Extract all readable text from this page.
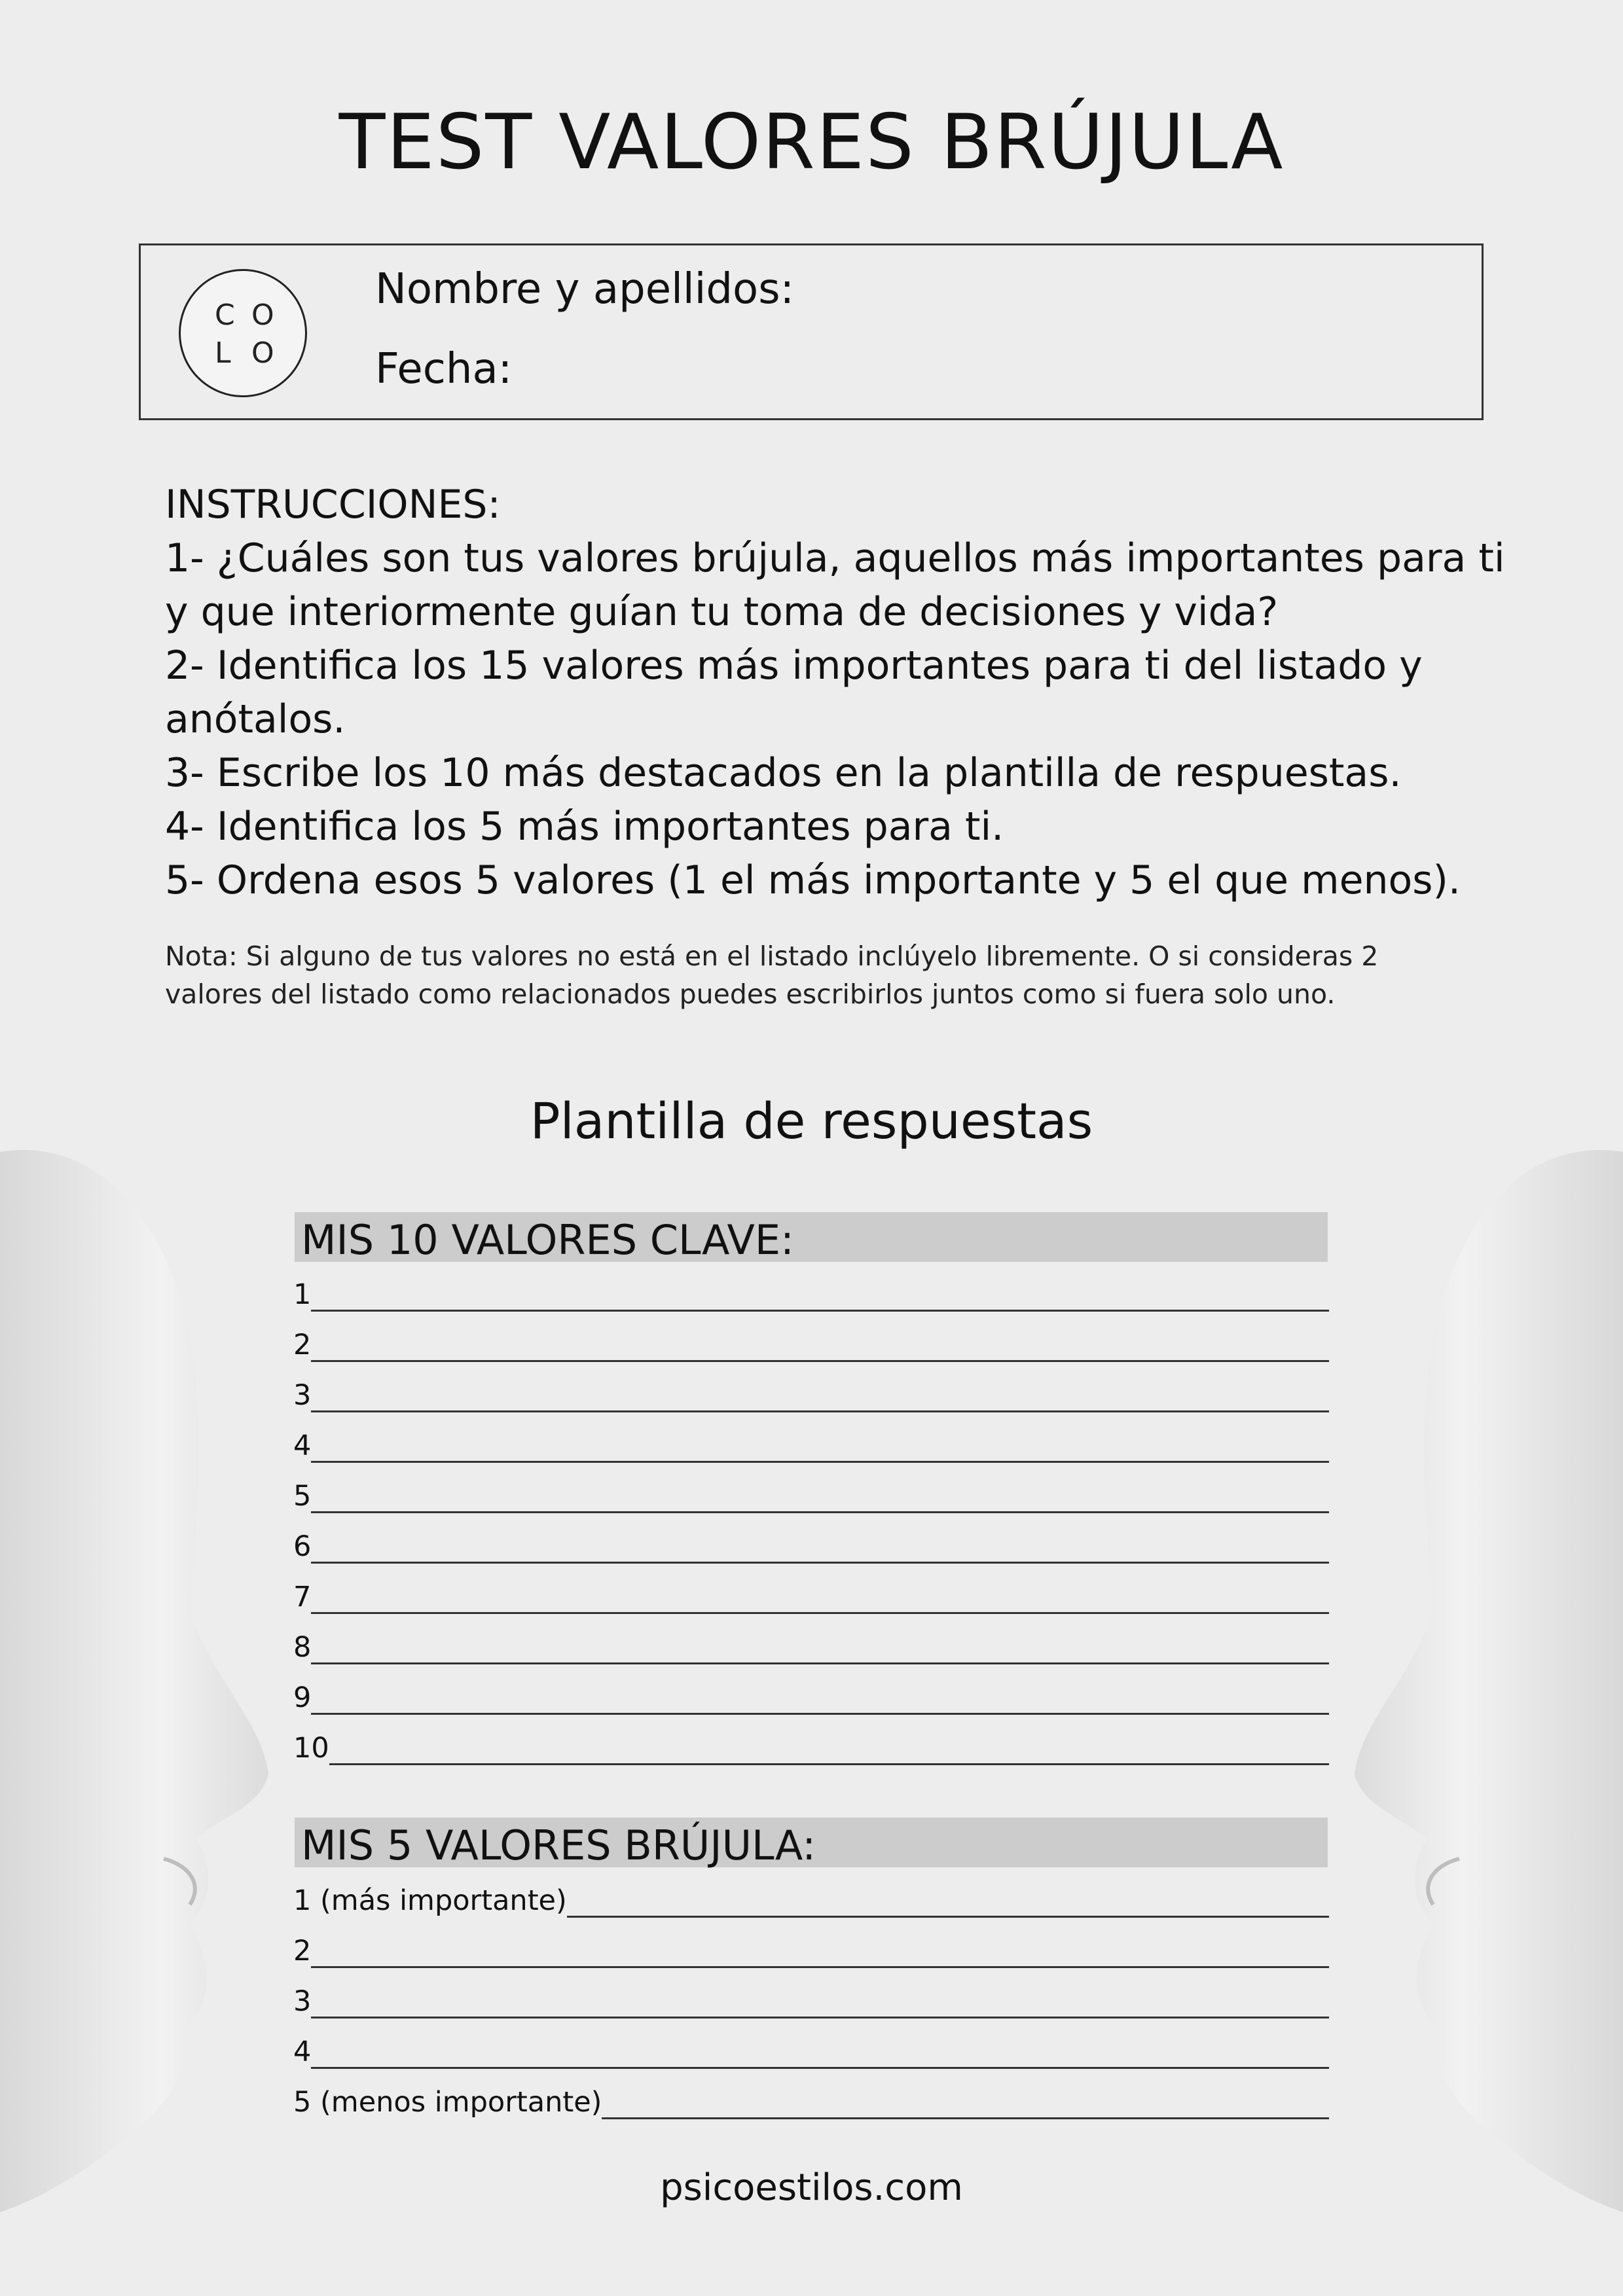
TEST VALORES BRÚJULA
C O
L O
Nombre y apellidos:
Fecha:

INSTRUCCIONES:

1- ¿Cuáles son tus valores brújula, aquellos más importantes para ti y que interiormente guían tu toma de decisiones y vida?

2- Identifica los 15 valores más importantes para ti del listado y anótalos.

3- Escribe los 10 más destacados en la plantilla de respuestas.

4- Identifica los 5 más importantes para ti.

5- Ordena esos 5 valores (1 el más importante y 5 el que menos).

Nota: Si alguno de tus valores no está en el listado inclúyelo libremente. O si consideras 2 valores del listado como relacionados puedes escribirlos juntos como si fuera solo uno.
Plantilla de respuestas
MIS 10 VALORES CLAVE:
1
2
3
4
5
6
7
8
9
10
MIS 5 VALORES BRÚJULA:
1 (más importante)
2
3
4
5 (menos importante)
psicoestilos.com
